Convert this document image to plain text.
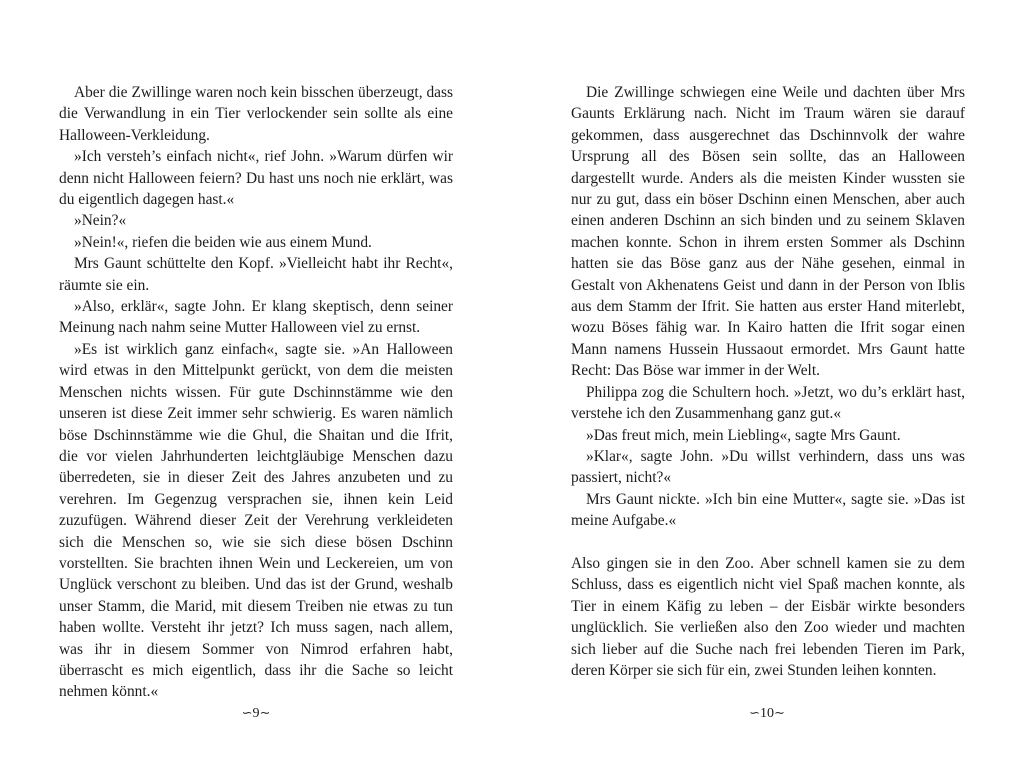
Aber die Zwillinge waren noch kein bisschen überzeugt, dass die Verwandlung in ein Tier verlockender sein sollte als eine Halloween-Verkleidung.

»Ich versteh’s einfach nicht«, rief John. »Warum dürfen wir denn nicht Halloween feiern? Du hast uns noch nie erklärt, was du eigentlich dagegen hast.«

»Nein?«

»Nein!«, riefen die beiden wie aus einem Mund.

Mrs Gaunt schüttelte den Kopf. »Vielleicht habt ihr Recht«, räumte sie ein.

»Also, erklär«, sagte John. Er klang skeptisch, denn seiner Meinung nach nahm seine Mutter Halloween viel zu ernst.

»Es ist wirklich ganz einfach«, sagte sie. »An Halloween wird etwas in den Mittelpunkt gerückt, von dem die meisten Menschen nichts wissen. Für gute Dschinnstämme wie den unseren ist diese Zeit immer sehr schwierig. Es waren nämlich böse Dschinnstämme wie die Ghul, die Shaitan und die Ifrit, die vor vielen Jahrhunderten leichtgläubige Menschen dazu überredeten, sie in dieser Zeit des Jahres anzubeten und zu verehren. Im Gegenzug versprachen sie, ihnen kein Leid zuzufügen. Während dieser Zeit der Verehrung verkleideten sich die Menschen so, wie sie sich diese bösen Dschinn vorstellten. Sie brachten ihnen Wein und Leckereien, um von Unglück verschont zu bleiben. Und das ist der Grund, weshalb unser Stamm, die Marid, mit diesem Treiben nie etwas zu tun haben wollte. Versteht ihr jetzt? Ich muss sagen, nach allem, was ihr in diesem Sommer von Nimrod erfahren habt, überrascht es mich eigentlich, dass ihr die Sache so leicht nehmen könnt.«

∽9∼

Die Zwillinge schwiegen eine Weile und dachten über Mrs Gaunts Erklärung nach. Nicht im Traum wären sie darauf gekommen, dass ausgerechnet das Dschinnvolk der wahre Ursprung all des Bösen sein sollte, das an Halloween dargestellt wurde. Anders als die meisten Kinder wussten sie nur zu gut, dass ein böser Dschinn einen Menschen, aber auch einen anderen Dschinn an sich binden und zu seinem Sklaven machen konnte. Schon in ihrem ersten Sommer als Dschinn hatten sie das Böse ganz aus der Nähe gesehen, einmal in Gestalt von Akhenatens Geist und dann in der Person von Iblis aus dem Stamm der Ifrit. Sie hatten aus erster Hand miterlebt, wozu Böses fähig war. In Kairo hatten die Ifrit sogar einen Mann namens Hussein Hussaout ermordet. Mrs Gaunt hatte Recht: Das Böse war immer in der Welt.

Philippa zog die Schultern hoch. »Jetzt, wo du’s erklärt hast, verstehe ich den Zusammenhang ganz gut.«

»Das freut mich, mein Liebling«, sagte Mrs Gaunt.

»Klar«, sagte John. »Du willst verhindern, dass uns was passiert, nicht?«

Mrs Gaunt nickte. »Ich bin eine Mutter«, sagte sie. »Das ist meine Aufgabe.«

Also gingen sie in den Zoo. Aber schnell kamen sie zu dem Schluss, dass es eigentlich nicht viel Spaß machen konnte, als Tier in einem Käfig zu leben – der Eisbär wirkte besonders unglücklich. Sie verließen also den Zoo wieder und machten sich lieber auf die Suche nach frei lebenden Tieren im Park, deren Körper sie sich für ein, zwei Stunden leihen konnten.

∽10∼
